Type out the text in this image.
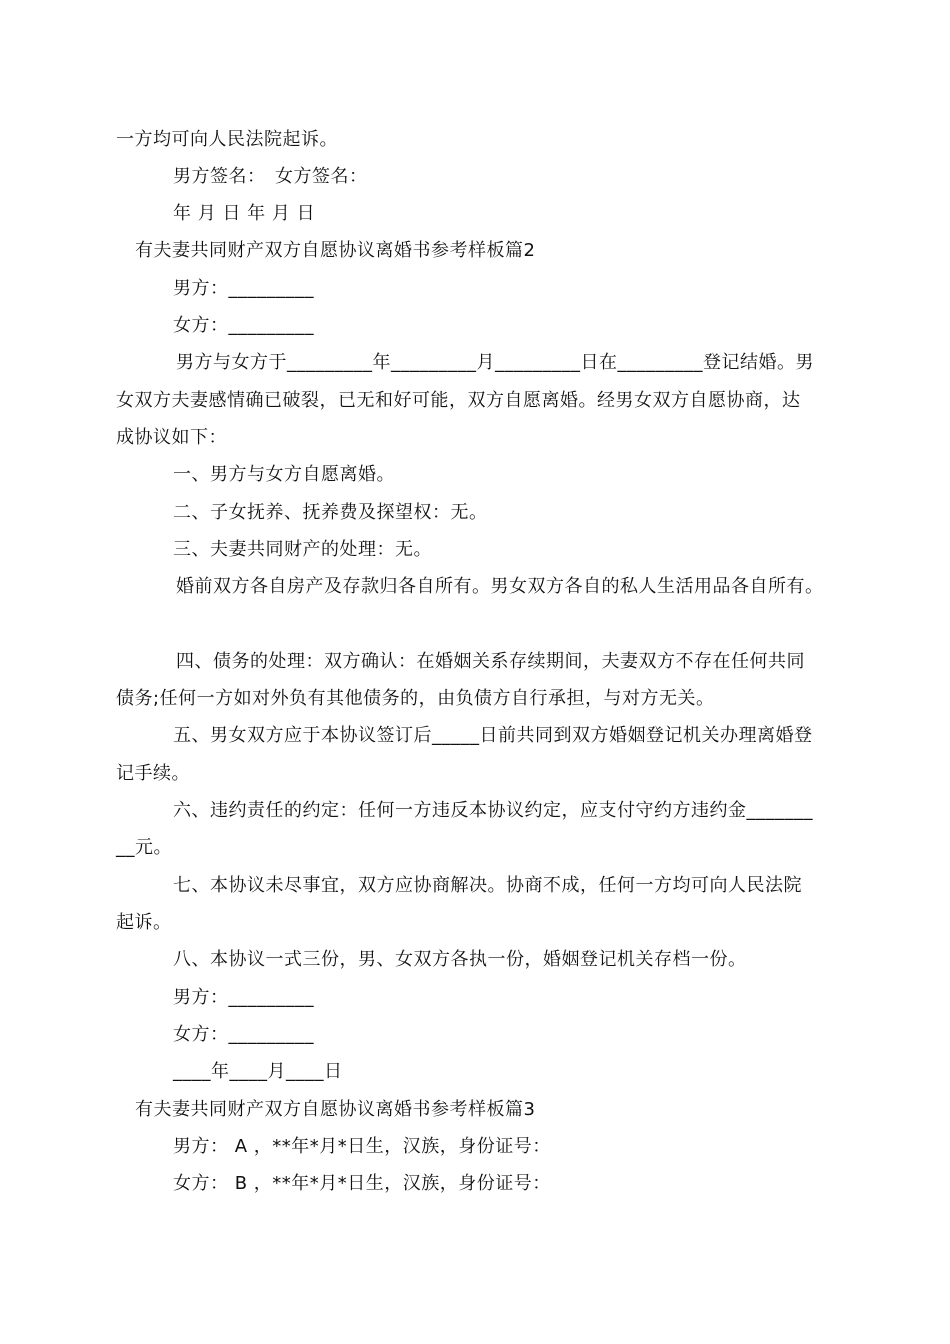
一方均可向人民法院起诉。
男方签名：　女方签名：
年 月 日 年 月 日
有夫妻共同财产双方自愿协议离婚书参考样板篇2
男方：_________
女方：_________
男方与女方于_________年_________月_________日在_________登记结婚。男
女双方夫妻感情确已破裂，已无和好可能，双方自愿离婚。经男女双方自愿协商，达
成协议如下：
一、男方与女方自愿离婚。
二、子女抚养、抚养费及探望权：无。
三、夫妻共同财产的处理：无。
婚前双方各自房产及存款归各自所有。男女双方各自的私人生活用品各自所有。
四、债务的处理：双方确认：在婚姻关系存续期间，夫妻双方不存在任何共同
债务;任何一方如对外负有其他债务的，由负债方自行承担，与对方无关。
五、男女双方应于本协议签订后_____日前共同到双方婚姻登记机关办理离婚登
记手续。
六、违约责任的约定：任何一方违反本协议约定，应支付守约方违约金_______
__元。
七、本协议未尽事宜，双方应协商解决。协商不成，任何一方均可向人民法院
起诉。
八、本协议一式三份，男、女双方各执一份，婚姻登记机关存档一份。
男方：_________
女方：_________
____年____月____日
有夫妻共同财产双方自愿协议离婚书参考样板篇3
男方： A ，**年*月*日生，汉族，身份证号：
女方： B ，**年*月*日生，汉族，身份证号：
